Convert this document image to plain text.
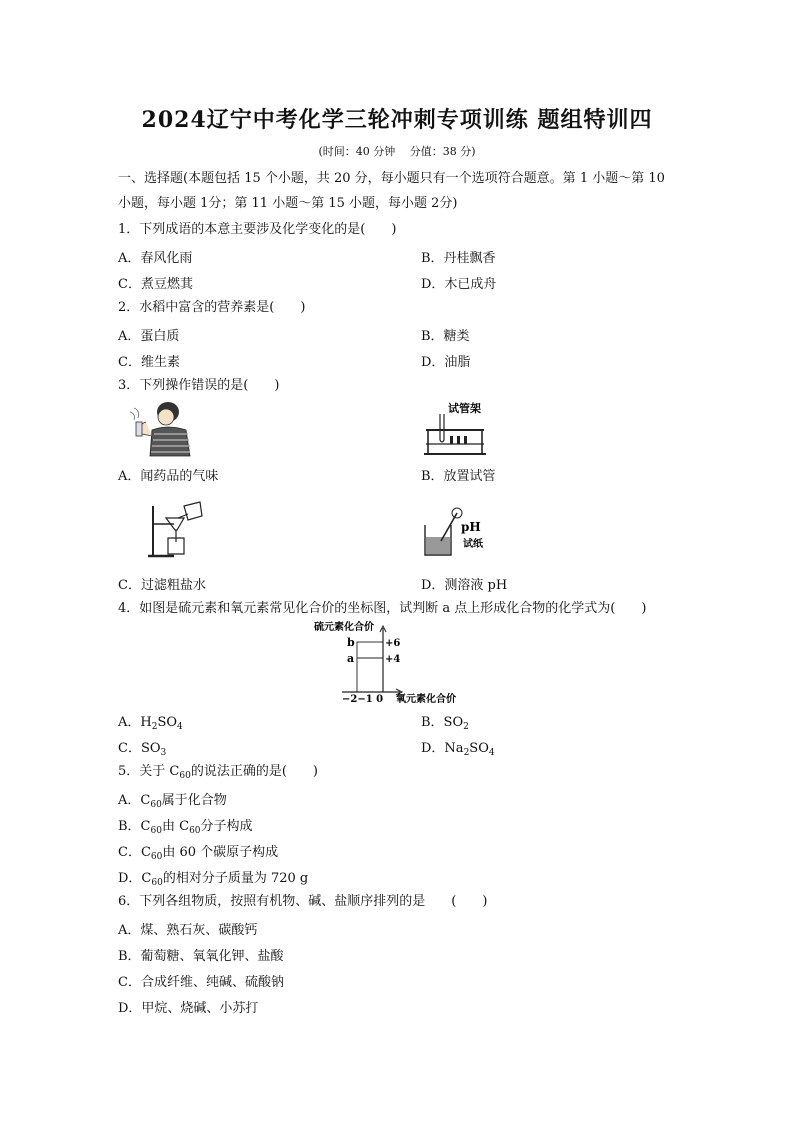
2024辽宁中考化学三轮冲刺专项训练 题组特训四
(时间：40 分钟　 分值：38 分)
一、选择题(本题包括 15 个小题，共 20 分，每小题只有一个选项符合题意。第 1 小题～第 10
小题，每小题 1分；第 11 小题～第 15 小题，每小题 2分)
1．下列成语的本意主要涉及化学变化的是(　　)
A．春风化雨	B．丹桂飘香
C．煮豆燃萁	D．木已成舟
2．水稻中富含的营养素是(　　)
A．蛋白质	B．糖类
C．维生素	D．油脂
3．下列操作错误的是(　　)
试管架
A．闻药品的气味	B．放置试管
pH
试纸
C．过滤粗盐水	D．测溶液 pH
4．如图是硫元素和氧元素常见化合价的坐标图，试判断 a 点上形成化合物的化学式为(　　)
硫元素化合价
b
a
+6
+4
−2−1 0 氧元素化合价
A．$H_2SO_4$	B．$SO_2$
C．$SO_3$	D．$Na_2SO_4$
5．关于 $C_{60}$的说法正确的是(　　)
A．$C_{60}$属于化合物
B．$C_{60}$由 $C_{60}$分子构成
C．$C_{60}$由 60 个碳原子构成
D．$C_{60}$的相对分子质量为 720 g
6．下列各组物质，按照有机物、碱、盐顺序排列的是　　(　　)
A．煤、熟石灰、碳酸钙
B．葡萄糖、氧氧化钾、盐酸
C．合成纤维、纯碱、硫酸钠
D．甲烷、烧碱、小苏打
